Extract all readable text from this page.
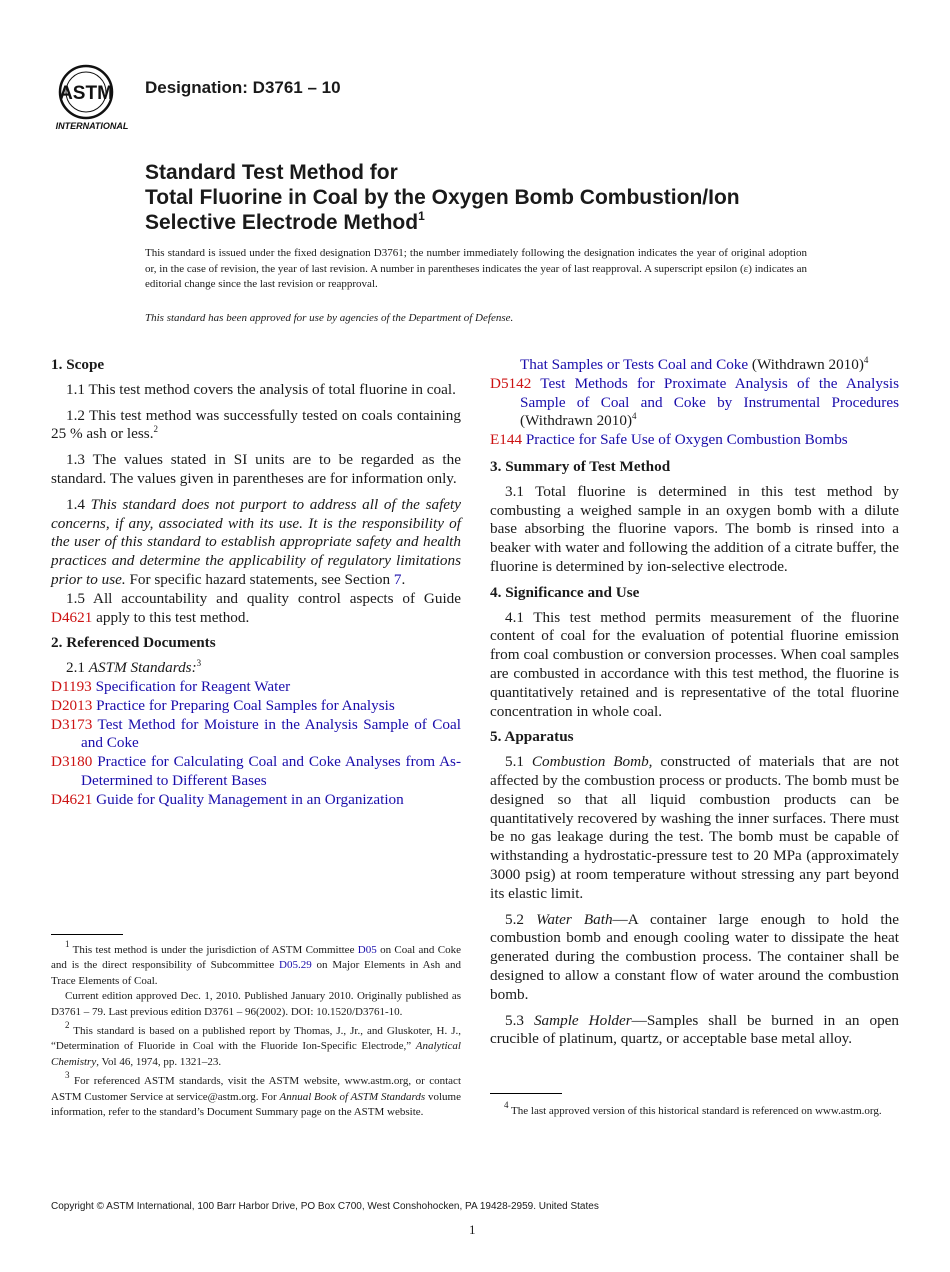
ASTM
INTERNATIONAL
Designation: D3761 – 10
Standard Test Method for
Total Fluorine in Coal by the Oxygen Bomb Combustion/Ion
Selective Electrode Method$^1$
This standard is issued under the fixed designation D3761; the number immediately following the designation indicates the year of original adoption or, in the case of revision, the year of last revision. A number in parentheses indicates the year of last reapproval. A superscript epsilon (ε) indicates an editorial change since the last revision or reapproval.
This standard has been approved for use by agencies of the Department of Defense.
1. Scope

1.1 This test method covers the analysis of total fluorine in coal.

1.2 This test method was successfully tested on coals containing 25 % ash or less.$^2$

1.3 The values stated in SI units are to be regarded as the standard. The values given in parentheses are for information only.

1.4 This standard does not purport to address all of the safety concerns, if any, associated with its use. It is the responsibility of the user of this standard to establish appropriate safety and health practices and determine the applicability of regulatory limitations prior to use. For specific hazard statements, see Section 7.

1.5 All accountability and quality control aspects of Guide D4621 apply to this test method.

2. Referenced Documents

2.1 ASTM Standards:$^3$

D1193 Specification for Reagent Water
D2013 Practice for Preparing Coal Samples for Analysis
D3173 Test Method for Moisture in the Analysis Sample of Coal and Coke
D3180 Practice for Calculating Coal and Coke Analyses from As-Determined to Different Bases
D4621 Guide for Quality Management in an Organization
That Samples or Tests Coal and Coke (Withdrawn 2010)$^4$
D5142 Test Methods for Proximate Analysis of the Analysis Sample of Coal and Coke by Instrumental Procedures (Withdrawn 2010)$^4$
E144 Practice for Safe Use of Oxygen Combustion Bombs
3. Summary of Test Method

3.1 Total fluorine is determined in this test method by combusting a weighed sample in an oxygen bomb with a dilute base absorbing the fluorine vapors. The bomb is rinsed into a beaker with water and following the addition of a citrate buffer, the fluorine is determined by ion-selective electrode.

4. Significance and Use

4.1 This test method permits measurement of the fluorine content of coal for the evaluation of potential fluorine emission from coal combustion or conversion processes. When coal samples are combusted in accordance with this test method, the fluorine is quantitatively retained and is representative of the total fluorine concentration in whole coal.

5. Apparatus

5.1 Combustion Bomb, constructed of materials that are not affected by the combustion process or products. The bomb must be designed so that all liquid combustion products can be quantitatively recovered by washing the inner surfaces. There must be no gas leakage during the test. The bomb must be capable of withstanding a hydrostatic-pressure test to 20 MPa (approximately 3000 psig) at room temperature without stressing any part beyond its elastic limit.

5.2 Water Bath—A container large enough to hold the combustion bomb and enough cooling water to dissipate the heat generated during the combustion process. The container shall be designed to allow a constant flow of water around the combustion bomb.

5.3 Sample Holder—Samples shall be burned in an open crucible of platinum, quartz, or acceptable base metal alloy.

$^1$ This test method is under the jurisdiction of ASTM Committee D05 on Coal and Coke and is the direct responsibility of Subcommittee D05.29 on Major Elements in Ash and Trace Elements of Coal.

Current edition approved Dec. 1, 2010. Published January 2010. Originally published as D3761 – 79. Last previous edition D3761 – 96(2002). DOI: 10.1520/D3761-10.

$^2$ This standard is based on a published report by Thomas, J., Jr., and Gluskoter, H. J., “Determination of Fluoride in Coal with the Fluoride Ion-Specific Electrode,” Analytical Chemistry, Vol 46, 1974, pp. 1321–23.

$^3$ For referenced ASTM standards, visit the ASTM website, www.astm.org, or contact ASTM Customer Service at service@astm.org. For Annual Book of ASTM Standards volume information, refer to the standard’s Document Summary page on the ASTM website.

$^4$ The last approved version of this historical standard is referenced on www.astm.org.

Copyright © ASTM International, 100 Barr Harbor Drive, PO Box C700, West Conshohocken, PA 19428-2959. United States
1
